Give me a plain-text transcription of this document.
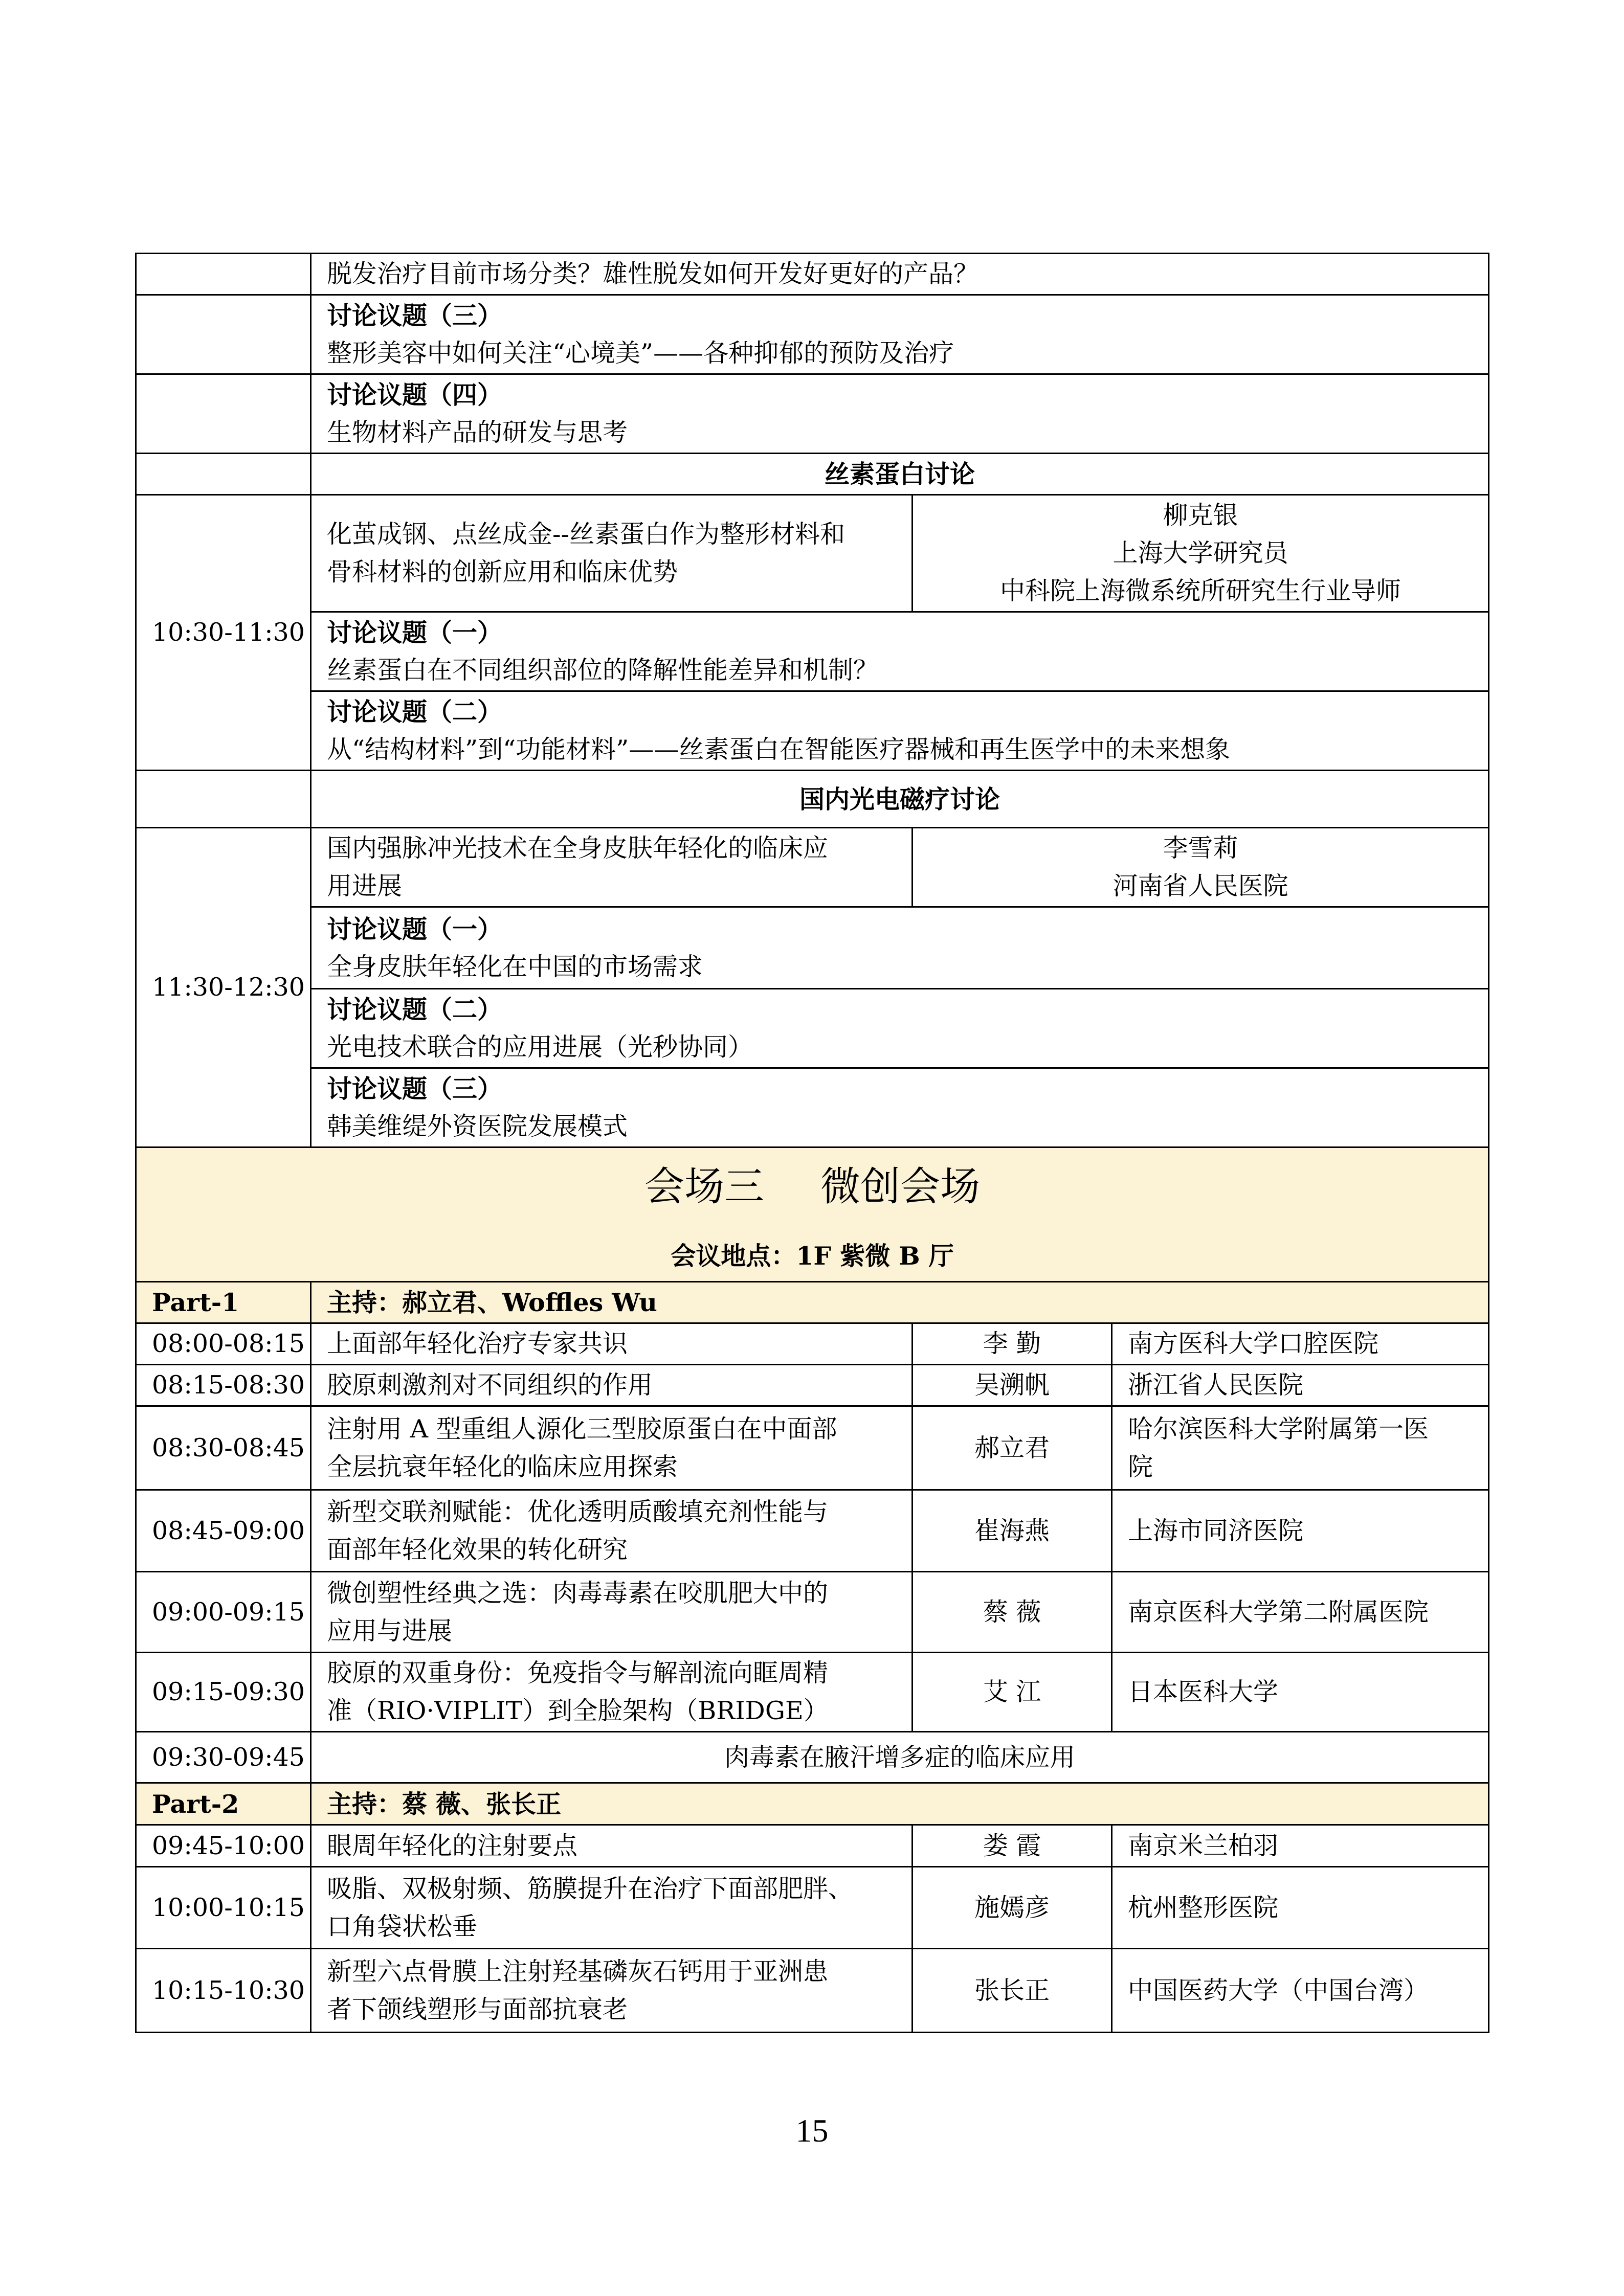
	脱发治疗目前市场分类？雄性脱发如何开发好更好的产品？		

	讨论议题（三）
整形美容中如何关注“心境美”——各种抑郁的预防及治疗		

	讨论议题（四）
生物材料产品的研发与思考		

	丝素蛋白讨论		
10:30-11:30	化茧成钢、点丝成金--丝素蛋白作为整形材料和
骨科材料的创新应用和临床优势	柳克银
上海大学研究员
中科院上海微系统所研究生行业导师	

	讨论议题（一）
丝素蛋白在不同组织部位的降解性能差异和机制？		

	讨论议题（二）
从“结构材料”到“功能材料”——丝素蛋白在智能医疗器械和再生医学中的未来想象		

	国内光电磁疗讨论		
11:30-12:30	国内强脉冲光技术在全身皮肤年轻化的临床应
用进展	李雪莉
河南省人民医院	

	讨论议题（一）
全身皮肤年轻化在中国的市场需求		

	讨论议题（二）
光电技术联合的应用进展（光秒协同）		

	讨论议题（三）
韩美维缇外资医院发展模式		

会场三 微创会场
会议地点：1F 紫微 B 厅			

Part-1	主持：郝立君、Woffles Wu		
08:00-08:15	上面部年轻化治疗专家共识	李 勤	南方医科大学口腔医院

08:15-08:30	胶原刺激剂对不同组织的作用	吴溯帆	浙江省人民医院

08:30-08:45	注射用 A 型重组人源化三型胶原蛋白在中面部
全层抗衰年轻化的临床应用探索	郝立君	哈尔滨医科大学附属第一医
院

08:45-09:00	新型交联剂赋能：优化透明质酸填充剂性能与
面部年轻化效果的转化研究	崔海燕	上海市同济医院

09:00-09:15	微创塑性经典之选：肉毒毒素在咬肌肥大中的
应用与进展	蔡 薇	南京医科大学第二附属医院

09:15-09:30	胶原的双重身份：免疫指令与解剖流向眶周精
准（RIO·VIPLIT）到全脸架构（BRIDGE）	艾 江	日本医科大学

09:30-09:45	肉毒素在腋汗增多症的临床应用		
Part-2	主持：蔡 薇、张长正		
09:45-10:00	眼周年轻化的注射要点	娄 霞	南京米兰柏羽

10:00-10:15	吸脂、双极射频、筋膜提升在治疗下面部肥胖、
口角袋状松垂	施嫣彦	杭州整形医院

10:15-10:30	新型六点骨膜上注射羟基磷灰石钙用于亚洲患
者下颌线塑形与面部抗衰老	张长正	中国医药大学（中国台湾）
15
